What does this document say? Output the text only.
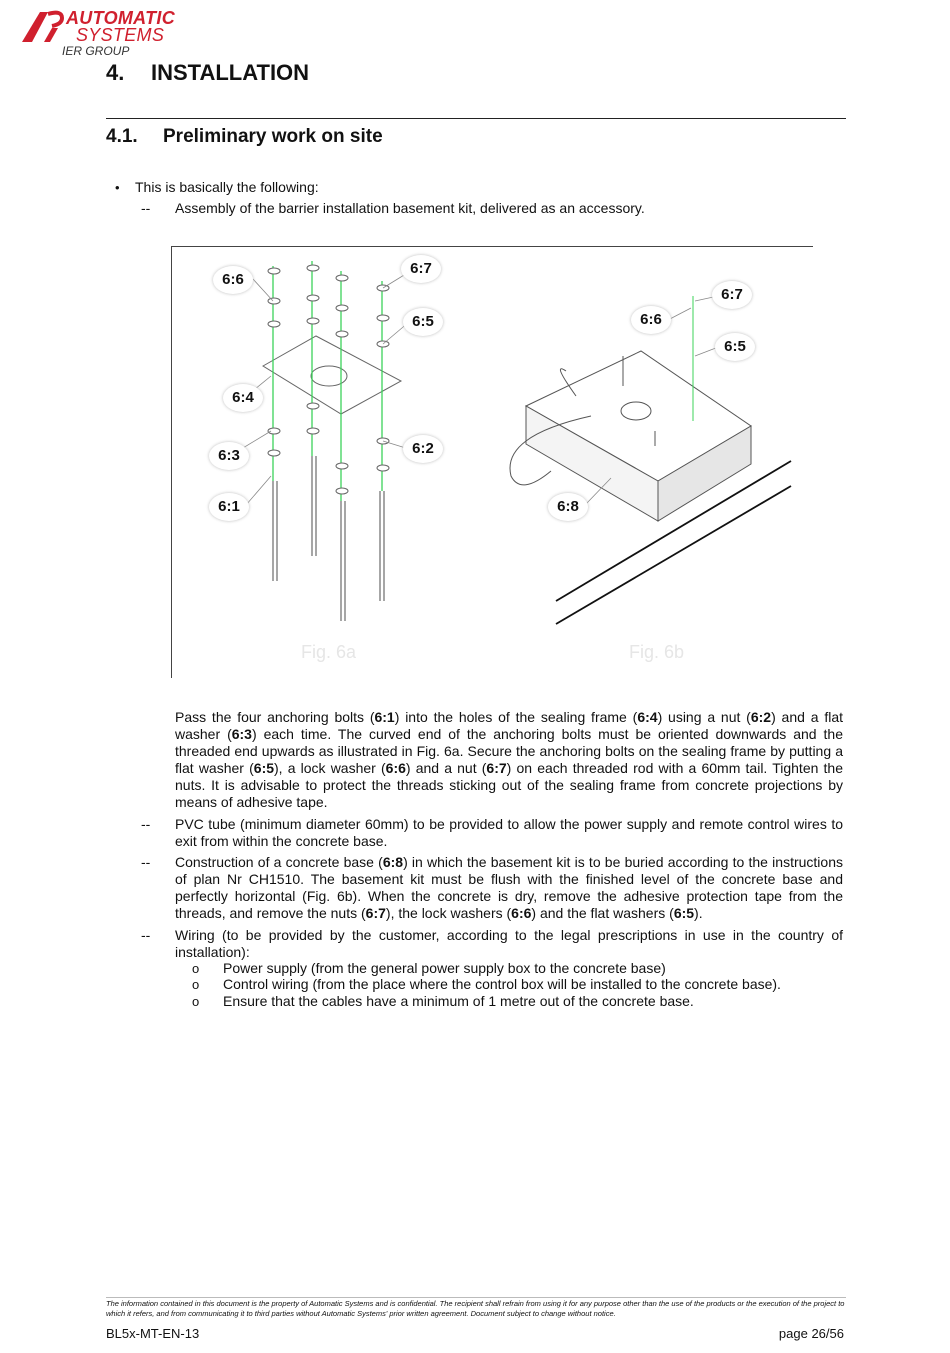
AUTOMATIC
SYSTEMS
IER GROUP
4. INSTALLATION
4.1. Preliminary work on site
• This is basically the following:
-- Assembly of the barrier installation basement kit, delivered as an accessory.
6:6
6:7
6:5
6:4
6:3	6:2
6:1
6:6
6:7
6:5
6:8
Fig. 6a	Fig. 6b
Pass the four anchoring bolts (6:1) into the holes of the sealing frame (6:4) using a nut (6:2) and a flat washer (6:3) each time. The curved end of the anchoring bolts must be oriented downwards and the threaded end upwards as illustrated in Fig. 6a. Secure the anchoring bolts on the sealing frame by putting a flat washer (6:5), a lock washer (6:6) and a nut (6:7) on each threaded rod with a 60mm tail. Tighten the nuts. It is advisable to protect the threads sticking out of the sealing frame from concrete projections by means of adhesive tape.
-- PVC tube (minimum diameter 60mm) to be provided to allow the power supply and remote control wires to exit from within the concrete base.
-- Construction of a concrete base (6:8) in which the basement kit is to be buried according to the instructions of plan Nr CH1510. The basement kit must be flush with the finished level of the concrete base and perfectly horizontal (Fig. 6b). When the concrete is dry, remove the adhesive protection tape from the threads, and remove the nuts (6:7), the lock washers (6:6) and the flat washers (6:5).
-- Wiring (to be provided by the customer, according to the legal prescriptions in use in the country of installation):
o Power supply (from the general power supply box to the concrete base)
o Control wiring (from the place where the control box will be installed to the concrete base).
o Ensure that the cables have a minimum of 1 metre out of the concrete base.
The information contained in this document is the property of Automatic Systems and is confidential. The recipient shall refrain from using it for any purpose other than the use of the products or the execution of the project to which it refers, and from communicating it to third parties without Automatic Systems' prior written agreement. Document subject to change without notice.
BL5x-MT-EN-13	page 26/56
